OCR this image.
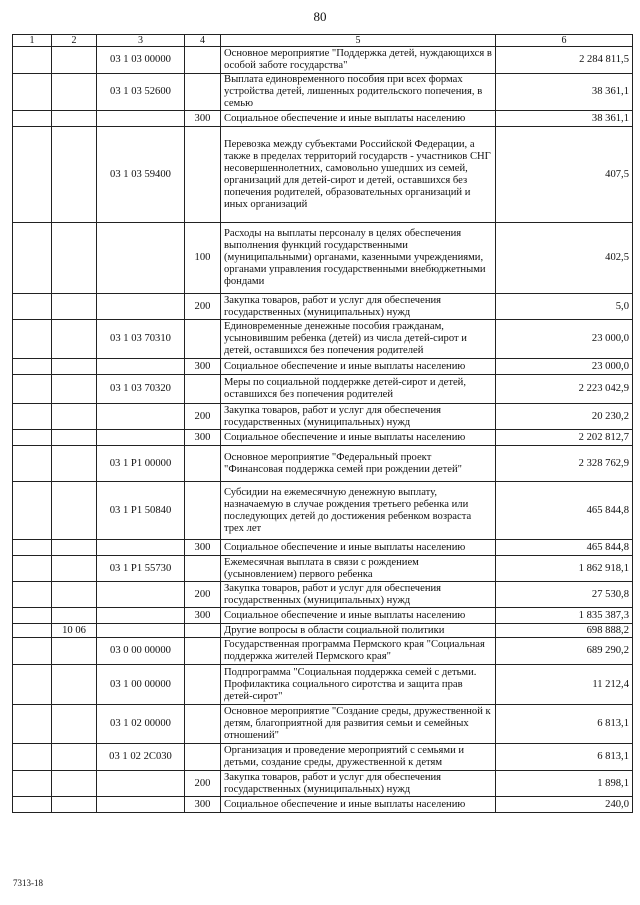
80
1	2	3	4	5	6
		03 1 03 00000		Основное мероприятие "Поддержка детей, нуждающихся в особой заботе государства"	2 284 811,5
		03 1 03 52600		Выплата единовременного пособия при всех формах устройства детей, лишенных родительского попечения, в семью	38 361,1
			300	Социальное обеспечение и иные выплаты населению	38 361,1
		03 1 03 59400		Перевозка между субъектами Российской Федерации, а также в пределах территорий государств - участников СНГ несовершеннолетних, самовольно ушедших из семей, организаций для детей-сирот и детей, оставшихся без попечения родителей, образовательных организаций и иных организаций	407,5
			100	Расходы на выплаты персоналу в целях обеспечения выполнения функций государственными (муниципальными) органами, казенными учреждениями, органами управления государственными внебюджетными фондами	402,5
			200	Закупка товаров, работ и услуг для обеспечения государственных (муниципальных) нужд	5,0
		03 1 03 70310		Единовременные денежные пособия гражданам, усыновившим ребенка (детей) из числа детей-сирот и детей, оставшихся без попечения родителей	23 000,0
			300	Социальное обеспечение и иные выплаты населению	23 000,0
		03 1 03 70320		Меры по социальной поддержке детей-сирот и детей, оставшихся без попечения родителей	2 223 042,9
			200	Закупка товаров, работ и услуг для обеспечения государственных (муниципальных) нужд	20 230,2
			300	Социальное обеспечение и иные выплаты населению	2 202 812,7
		03 1 P1 00000		Основное мероприятие "Федеральный проект "Финансовая поддержка семей при рождении детей"	2 328 762,9
		03 1 P1 50840		Субсидии на ежемесячную денежную выплату, назначаемую в случае рождения третьего ребенка или последующих детей до достижения ребенком возраста трех лет	465 844,8
			300	Социальное обеспечение и иные выплаты населению	465 844,8
		03 1 P1 55730		Ежемесячная выплата в связи с рождением (усыновлением) первого ребенка	1 862 918,1
			200	Закупка товаров, работ и услуг для обеспечения государственных (муниципальных) нужд	27 530,8
			300	Социальное обеспечение и иные выплаты населению	1 835 387,3
	10 06			Другие вопросы в области социальной политики	698 888,2
		03 0 00 00000		Государственная программа Пермского края "Социальная поддержка жителей Пермского края"	689 290,2
		03 1 00 00000		Подпрограмма "Социальная поддержка семей с детьми. Профилактика социального сиротства и защита прав детей-сирот"	11 212,4
		03 1 02 00000		Основное мероприятие "Создание среды, дружественной к детям, благоприятной для развития семьи и семейных отношений"	6 813,1
		03 1 02 2C030		Организация и проведение мероприятий с семьями и детьми, создание среды, дружественной к детям	6 813,1
			200	Закупка товаров, работ и услуг для обеспечения государственных (муниципальных) нужд	1 898,1
			300	Социальное обеспечение и иные выплаты населению	240,0
7313-18
